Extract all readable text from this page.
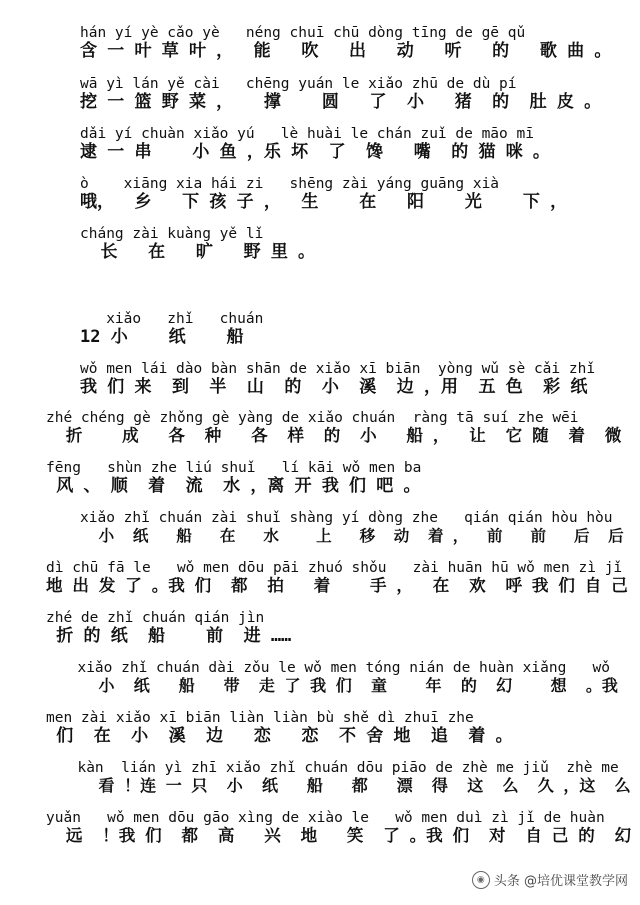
hán yí yè cǎo yè   néng chuī chū dòng tīng de gē qǔ
含 一 叶 草 叶 ，  能   吹   出   动   听   的   歌 曲 。
wā yì lán yě cài   chēng yuán le xiǎo zhū de dù pí
挖 一 篮 野 菜 ，   撑    圆   了  小   猪  的  肚 皮 。
dǎi yí chuàn xiǎo yú   lè huài le chán zuǐ de māo mī
逮 一 串    小 鱼 ，乐 坏  了  馋   嘴  的 猫 咪 。
ò    xiāng xia hái zi   shēng zài yáng guāng xià
哦，  乡   下 孩 子 ，  生    在   阳    光    下 ，
cháng zài kuàng yě lǐ
长   在   旷   野 里 。
xiǎo   zhǐ   chuán
12 小    纸    船
wǒ men lái dào bàn shān de xiǎo xī biān  yòng wǔ sè cǎi zhǐ
我 们 来  到  半  山  的  小  溪  边 ，用  五 色  彩 纸
zhé chéng gè zhǒng gè yàng de xiǎo chuán  ràng tā suí zhe wēi
折    成   各  种   各  样  的  小   船 ，  让  它 随  着  微
fēng   shùn zhe liú shuǐ   lí kāi wǒ men ba
风 、 顺  着  流  水 ，离 开 我 们 吧 。
xiǎo zhǐ chuán zài shuǐ shàng yí dòng zhe   qián qián hòu hòu
小  纸   船   在   水    上   移  动  着 ，  前   前   后  后
dì chū fā le   wǒ men dōu pāi zhuó shǒu   zài huān hū wǒ men zì jǐ
地 出 发 了 。我 们  都  拍   着    手 ，  在  欢  呼 我 们 自 己
zhé de zhǐ chuán qián jìn
折 的 纸  船    前  进 ……
xiǎo zhǐ chuán dài zǒu le wǒ men tóng nián de huàn xiǎng   wǒ
小  纸   船   带  走 了 我 们  童    年  的  幻    想  。我
men zài xiǎo xī biān liàn liàn bù shě dì zhuī zhe
们  在  小  溪  边   恋   恋  不 舍 地  追  着 。
kàn  lián yì zhī xiǎo zhǐ chuán dōu piāo de zhè me jiǔ  zhè me
看 ！连 一 只  小  纸   船   都   漂  得  这  么  久 ，这  么
yuǎn   wǒ men dōu gāo xìng de xiào le   wǒ men duì zì jǐ de huàn
远  ！我 们  都  高   兴  地   笑  了 。我 们  对  自 己 的  幻
◉ 头条 @培优课堂教学网
